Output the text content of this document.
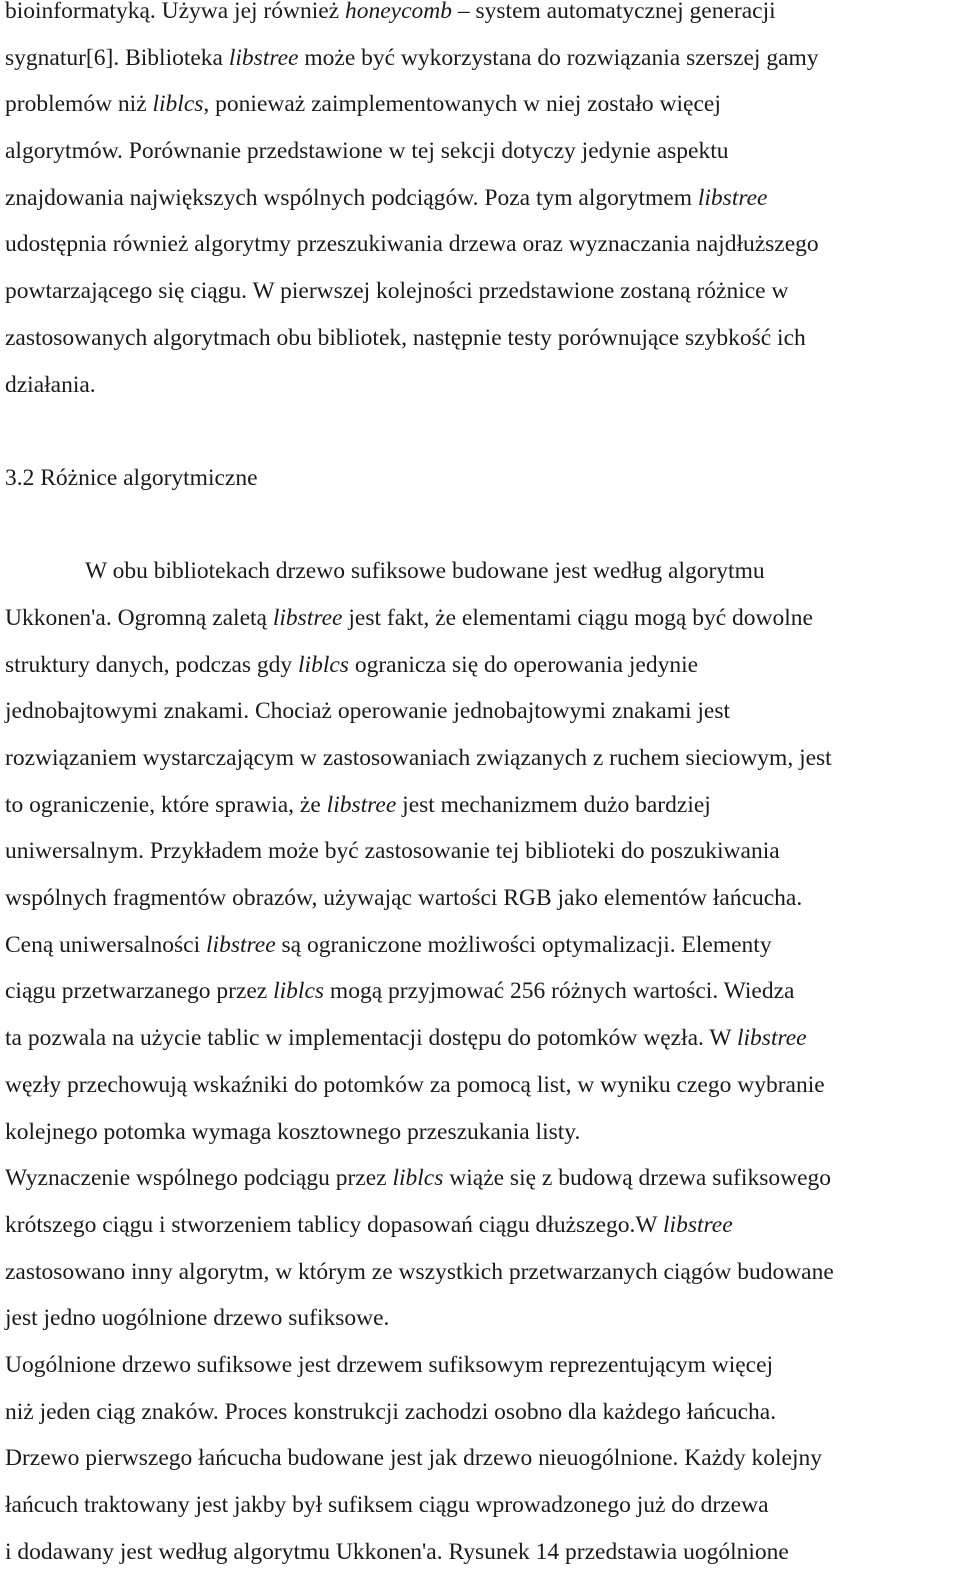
bioinformatyką. Używa jej również honeycomb – system automatycznej generacji
sygnatur[6]. Biblioteka libstree może być wykorzystana do rozwiązania szerszej gamy
problemów niż liblcs, ponieważ zaimplementowanych w niej zostało więcej
algorytmów. Porównanie przedstawione w tej sekcji dotyczy jedynie aspektu
znajdowania największych wspólnych podciągów. Poza tym algorytmem libstree
udostępnia również algorytmy przeszukiwania drzewa oraz wyznaczania najdłuższego
powtarzającego się ciągu. W pierwszej kolejności przedstawione zostaną różnice w
zastosowanych algorytmach obu bibliotek, następnie testy porównujące szybkość ich
działania.
3.2 Różnice algorytmiczne
W obu bibliotekach drzewo sufiksowe budowane jest według algorytmu
Ukkonen'a. Ogromną zaletą libstree jest fakt, że elementami ciągu mogą być dowolne
struktury danych, podczas gdy liblcs ogranicza się do operowania jedynie
jednobajtowymi znakami. Chociaż operowanie jednobajtowymi znakami jest
rozwiązaniem wystarczającym w zastosowaniach związanych z ruchem sieciowym, jest
to ograniczenie, które sprawia, że libstree jest mechanizmem dużo bardziej
uniwersalnym. Przykładem może być zastosowanie tej biblioteki do poszukiwania
wspólnych fragmentów obrazów, używając wartości RGB jako elementów łańcucha.
Ceną uniwersalności libstree są ograniczone możliwości optymalizacji. Elementy
ciągu przetwarzanego przez liblcs mogą przyjmować 256 różnych wartości. Wiedza
ta pozwala na użycie tablic w implementacji dostępu do potomków węzła. W libstree
węzły przechowują wskaźniki do potomków za pomocą list, w wyniku czego wybranie
kolejnego potomka wymaga kosztownego przeszukania listy.
Wyznaczenie wspólnego podciągu przez liblcs wiąże się z budową drzewa sufiksowego
krótszego ciągu i stworzeniem tablicy dopasowań ciągu dłuższego.W libstree
zastosowano inny algorytm, w którym ze wszystkich przetwarzanych ciągów budowane
jest jedno uogólnione drzewo sufiksowe.
Uogólnione drzewo sufiksowe jest drzewem sufiksowym reprezentującym więcej
niż jeden ciąg znaków. Proces konstrukcji zachodzi osobno dla każdego łańcucha.
Drzewo pierwszego łańcucha budowane jest jak drzewo nieuogólnione. Każdy kolejny
łańcuch traktowany jest jakby był sufiksem ciągu wprowadzonego już do drzewa
i dodawany jest według algorytmu Ukkonen'a. Rysunek 14 przedstawia uogólnione
